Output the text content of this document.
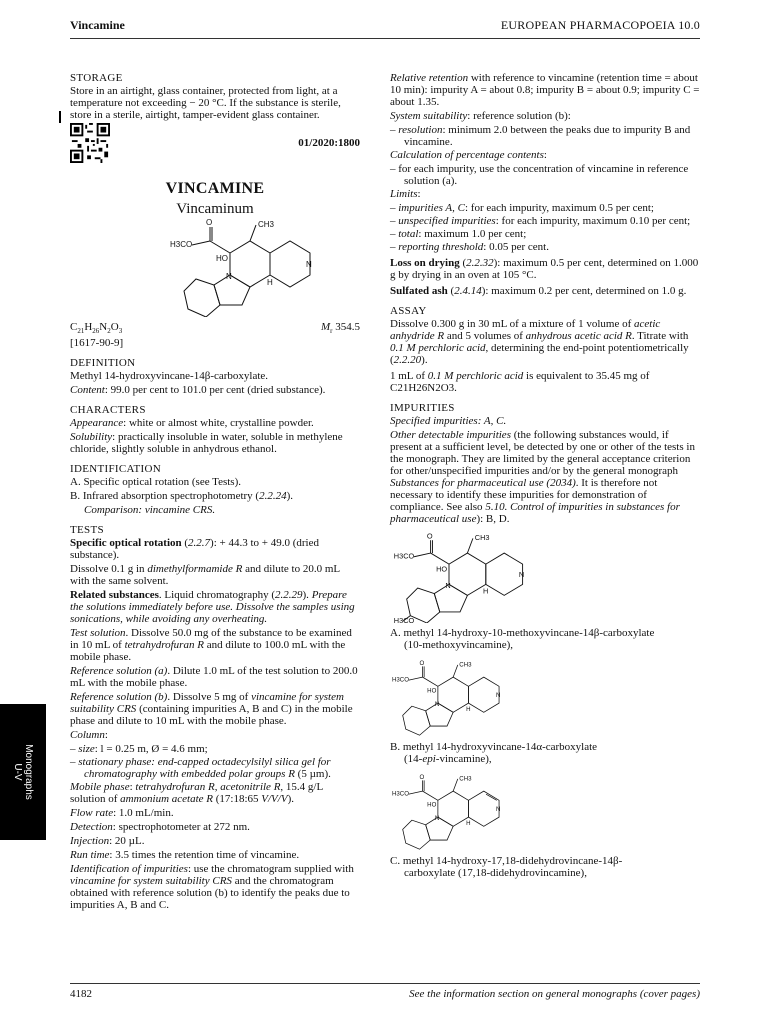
Vincamine	EUROPEAN PHARMACOPOEIA 10.0
Monographs
U-V
STORAGE

Store in an airtight, glass container, protected from light, at a temperature not exceeding − 20 °C. If the substance is sterile, store in a sterile, airtight, tamper-evident glass container.

01/2020:1800
VINCAMINE
Vincaminum
O
H3CO
HO
CH3
N
N
H
$C_{21}H_{26}N_2O_3$	$M_r$ 354.5

[1617-90-9]

DEFINITION

Methyl 14-hydroxyvincane-14β-carboxylate.

Content: 99.0 per cent to 101.0 per cent (dried substance).

CHARACTERS

Appearance: white or almost white, crystalline powder.

Solubility: practically insoluble in water, soluble in methylene chloride, slightly soluble in anhydrous ethanol.

IDENTIFICATION

A. Specific optical rotation (see Tests).

B. Infrared absorption spectrophotometry (2.2.24).

Comparison: vincamine CRS.

TESTS

Specific optical rotation (2.2.7): + 44.3 to + 49.0 (dried substance).

Dissolve 0.1 g in dimethylformamide R and dilute to 20.0 mL with the same solvent.

Related substances. Liquid chromatography (2.2.29). Prepare the solutions immediately before use. Dissolve the samples using sonications, while avoiding any overheating.

Test solution. Dissolve 50.0 mg of the substance to be examined in 10 mL of tetrahydrofuran R and dilute to 100.0 mL with the mobile phase.

Reference solution (a). Dilute 1.0 mL of the test solution to 200.0 mL with the mobile phase.

Reference solution (b). Dissolve 5 mg of vincamine for system suitability CRS (containing impurities A, B and C) in the mobile phase and dilute to 10 mL with the mobile phase.

Column:

– size: l = 0.25 m, Ø = 4.6 mm;

– stationary phase: end-capped octadecylsilyl silica gel for chromatography with embedded polar groups R (5 µm).

Mobile phase: tetrahydrofuran R, acetonitrile R, 15.4 g/L solution of ammonium acetate R (17:18:65 V/V/V).

Flow rate: 1.0 mL/min.

Detection: spectrophotometer at 272 nm.

Injection: 20 µL.

Run time: 3.5 times the retention time of vincamine.

Identification of impurities: use the chromatogram supplied with vincamine for system suitability CRS and the chromatogram obtained with reference solution (b) to identify the peaks due to impurities A, B and C.

Relative retention with reference to vincamine (retention time = about 10 min): impurity A = about 0.8; impurity B = about 0.9; impurity C = about 1.35.

System suitability: reference solution (b):

– resolution: minimum 2.0 between the peaks due to impurity B and vincamine.

Calculation of percentage contents:

– for each impurity, use the concentration of vincamine in reference solution (a).

Limits:

– impurities A, C: for each impurity, maximum 0.5 per cent;

– unspecified impurities: for each impurity, maximum 0.10 per cent;

– total: maximum 1.0 per cent;

– reporting threshold: 0.05 per cent.

Loss on drying (2.2.32): maximum 0.5 per cent, determined on 1.000 g by drying in an oven at 105 °C.

Sulfated ash (2.4.14): maximum 0.2 per cent, determined on 1.0 g.

ASSAY

Dissolve 0.300 g in 30 mL of a mixture of 1 volume of acetic anhydride R and 5 volumes of anhydrous acetic acid R. Titrate with 0.1 M perchloric acid, determining the end-point potentiometrically (2.2.20).

1 mL of 0.1 M perchloric acid is equivalent to 35.45 mg of
C21H26N2O3.

IMPURITIES

Specified impurities: A, C.

Other detectable impurities (the following substances would, if present at a sufficient level, be detected by one or other of the tests in the monograph. They are limited by the general acceptance criterion for other/unspecified impurities and/or by the general monograph Substances for pharmaceutical use (2034). It is therefore not necessary to identify these impurities for demonstration of compliance. See also 5.10. Control of impurities in substances for pharmaceutical use): B, D.

O
H3CO
HO
CH3
N
N
H
H3CO

A. methyl 14-hydroxy-10-methoxyvincane-14β-carboxylate
(10-methoxyvincamine),

O
H3CO
HO
CH3
N
N
H

B. methyl 14-hydroxyvincane-14α-carboxylate
(14-epi-vincamine),

O
H3CO
HO
CH3
N
N
H

C. methyl 14-hydroxy-17,18-didehydrovincane-14β-
carboxylate (17,18-didehydrovincamine),

4182	See the information section on general monographs (cover pages)
